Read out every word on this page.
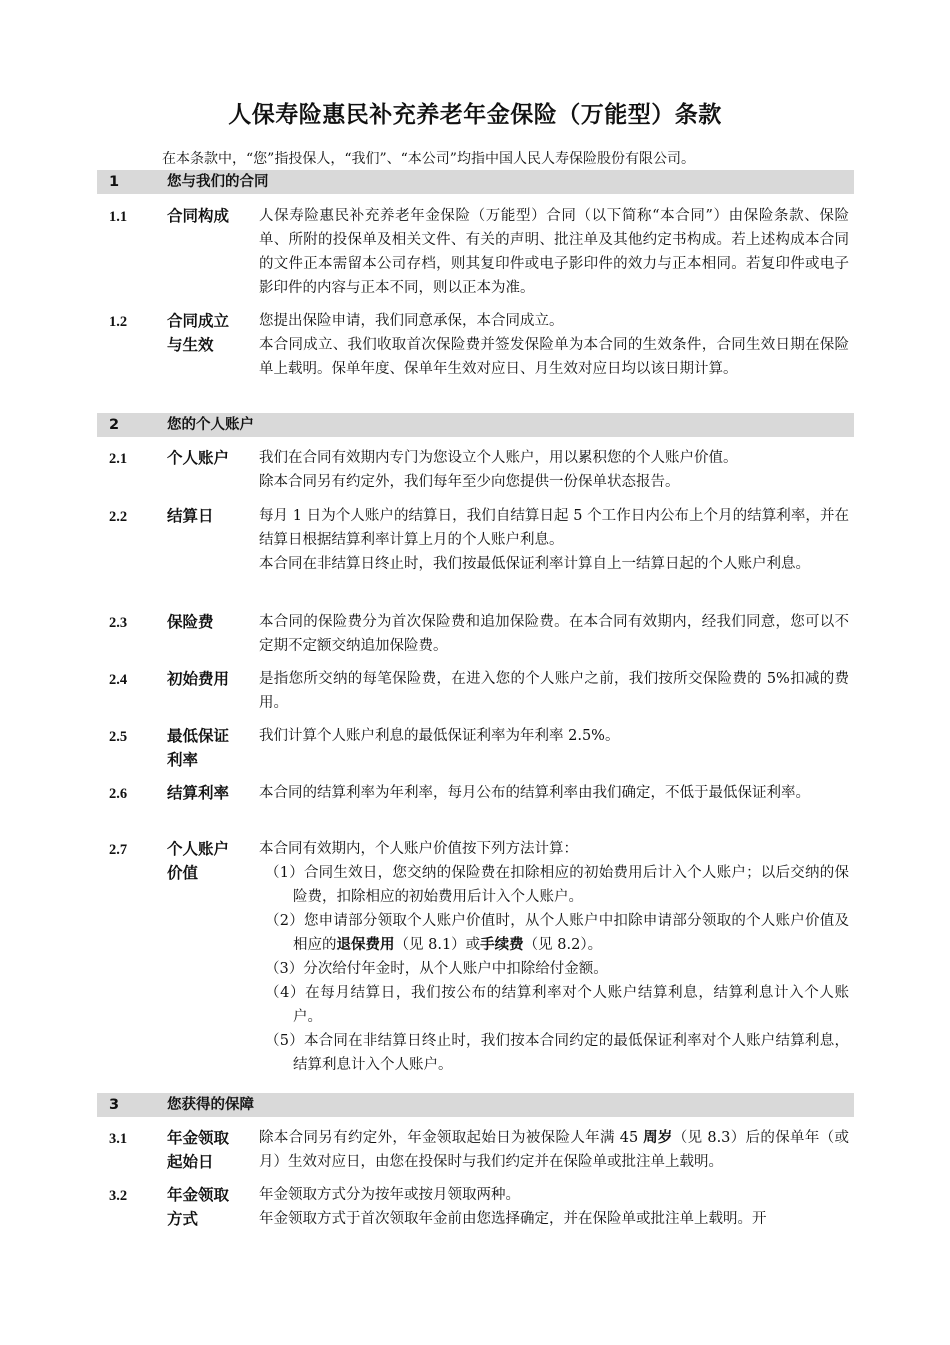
人保寿险惠民补充养老年金保险（万能型）条款
在本条款中，“您”指投保人，“我们”、“本公司”均指中国人民人寿保险股份有限公司。
1	您与我们的合同
1.1	合同构成	人保寿险惠民补充养老年金保险（万能型）合同（以下简称“本合同”）由保险条款、保险单、所附的投保单及相关文件、有关的声明、批注单及其他约定书构成。若上述构成本合同的文件正本需留本公司存档，则其复印件或电子影印件的效力与正本相同。若复印件或电子影印件的内容与正本不同，则以正本为准。

1.2	合同成立与生效

您提出保险申请，我们同意承保，本合同成立。

本合同成立、我们收取首次保险费并签发保险单为本合同的生效条件，合同生效日期在保险单上载明。保单年度、保单年生效对应日、月生效对应日均以该日期计算。

2	您的个人账户
2.1	个人账户	我们在合同有效期内专门为您设立个人账户，用以累积您的个人账户价值。

除本合同另有约定外，我们每年至少向您提供一份保单状态报告。

2.2	结算日	每月 1 日为个人账户的结算日，我们自结算日起 5 个工作日内公布上个月的结算利率，并在结算日根据结算利率计算上月的个人账户利息。

本合同在非结算日终止时，我们按最低保证利率计算自上一结算日起的个人账户利息。

2.3	保险费	本合同的保险费分为首次保险费和追加保险费。在本合同有效期内，经我们同意，您可以不定期不定额交纳追加保险费。

2.4	初始费用	是指您所交纳的每笔保险费，在进入您的个人账户之前，我们按所交保险费的 5%扣减的费用。

2.5	最低保证利率

我们计算个人账户利息的最低保证利率为年利率 2.5%。

2.6	结算利率	本合同的结算利率为年利率，每月公布的结算利率由我们确定，不低于最低保证利率。

2.7	个人账户价值

本合同有效期内，个人账户价值按下列方法计算：

（1）合同生效日，您交纳的保险费在扣除相应的初始费用后计入个人账户；以后交纳的保险费，扣除相应的初始费用后计入个人账户。

（2）您申请部分领取个人账户价值时，从个人账户中扣除申请部分领取的个人账户价值及相应的退保费用（见 8.1）或手续费（见 8.2）。

（3）分次给付年金时，从个人账户中扣除给付金额。

（4）在每月结算日，我们按公布的结算利率对个人账户结算利息，结算利息计入个人账户。

（5）本合同在非结算日终止时，我们按本合同约定的最低保证利率对个人账户结算利息，结算利息计入个人账户。

3	您获得的保障
3.1	年金领取起始日

除本合同另有约定外，年金领取起始日为被保险人年满 45 周岁（见 8.3）后的保单年（或月）生效对应日，由您在投保时与我们约定并在保险单或批注单上载明。

3.2	年金领取方式

年金领取方式分为按年或按月领取两种。

年金领取方式于首次领取年金前由您选择确定，并在保险单或批注单上载明。开
